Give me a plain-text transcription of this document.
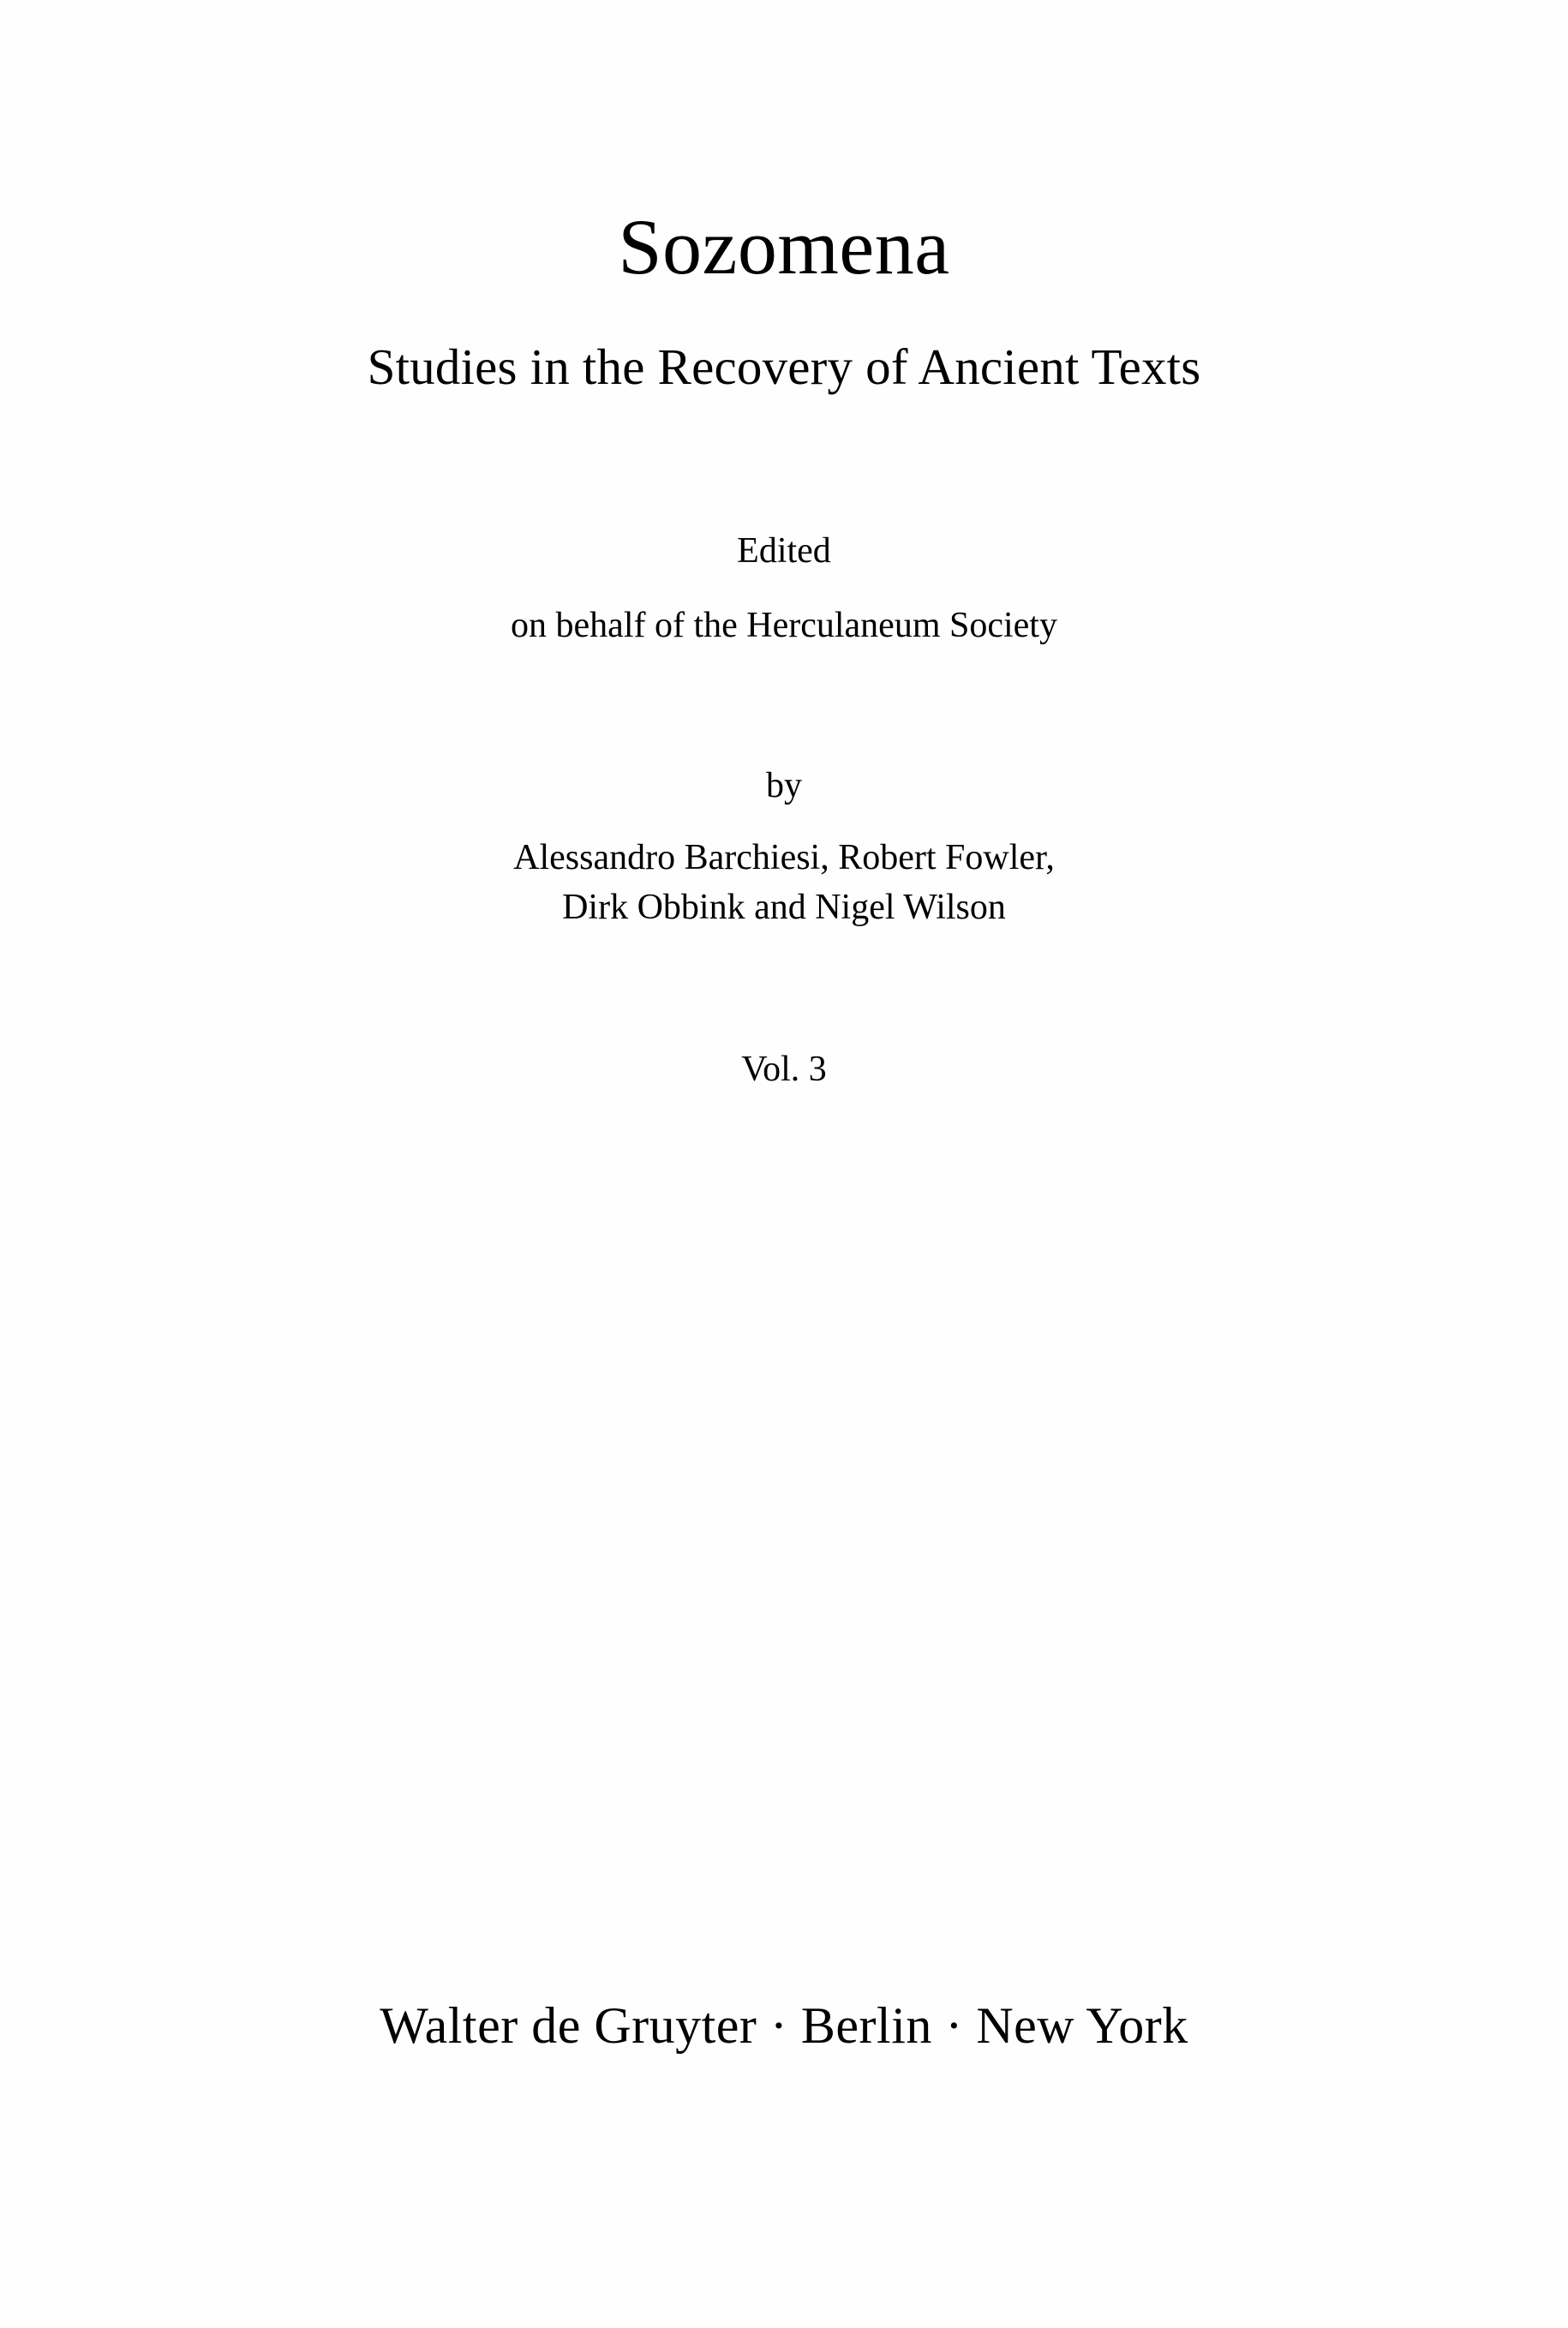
Sozomena
Studies in the Recovery of Ancient Texts
Edited
on behalf of the Herculaneum Society
by
Alessandro Barchiesi, Robert Fowler,
Dirk Obbink and Nigel Wilson
Vol. 3
Walter de Gruyter · Berlin · New York
